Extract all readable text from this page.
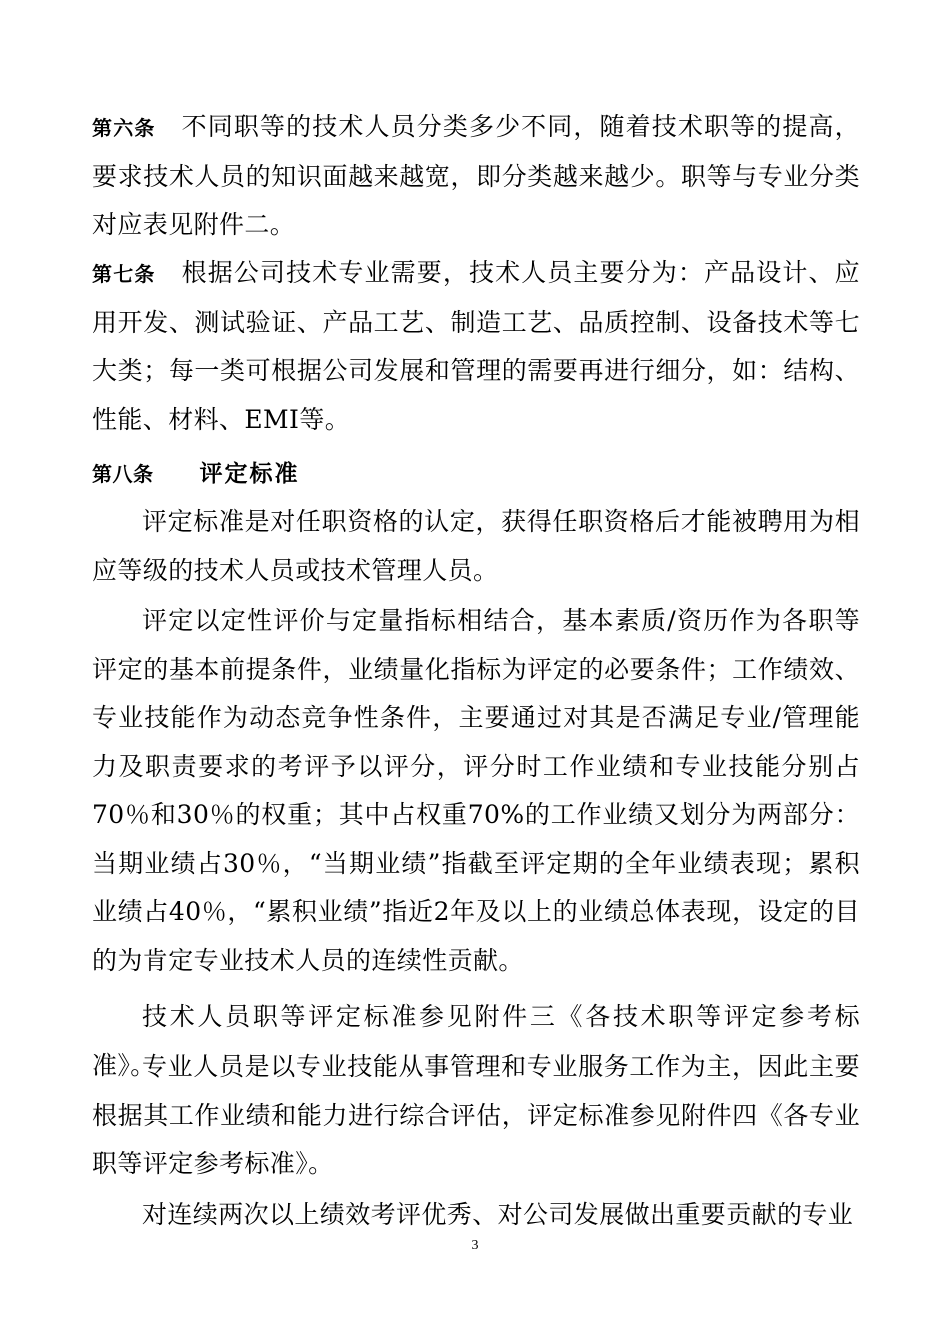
第六条 不同职等的技术人员分类多少不同，随着技术职等的提高，要求技术人员的知识面越来越宽，即分类越来越少。职等与专业分类对应表见附件二。

第七条 根据公司技术专业需要，技术人员主要分为：产品设计、应用开发、测试验证、产品工艺、制造工艺、品质控制、设备技术等七大类；每一类可根据公司发展和管理的需要再进行细分，如：结构、性能、材料、EMI等。

第八条 评定标准

评定标准是对任职资格的认定，获得任职资格后才能被聘用为相应等级的技术人员或技术管理人员。

评定以定性评价与定量指标相结合，基本素质/资历作为各职等评定的基本前提条件，业绩量化指标为评定的必要条件；工作绩效、专业技能作为动态竞争性条件，主要通过对其是否满足专业/管理能力及职责要求的考评予以评分，评分时工作业绩和专业技能分别占70％和30％的权重；其中占权重70%的工作业绩又划分为两部分：当期业绩占30％，“当期业绩”指截至评定期的全年业绩表现；累积业绩占40％，“累积业绩”指近2年及以上的业绩总体表现，设定的目的为肯定专业技术人员的连续性贡献。

技术人员职等评定标准参见附件三《各技术职等评定参考标准》。

专业人员是以专业技能从事管理和专业服务工作为主，因此主要根据其工作业绩和能力进行综合评估，评定标准参见附件四《各专业职等评定参考标准》。

对连续两次以上绩效考评优秀、对公司发展做出重要贡献的专业

3
